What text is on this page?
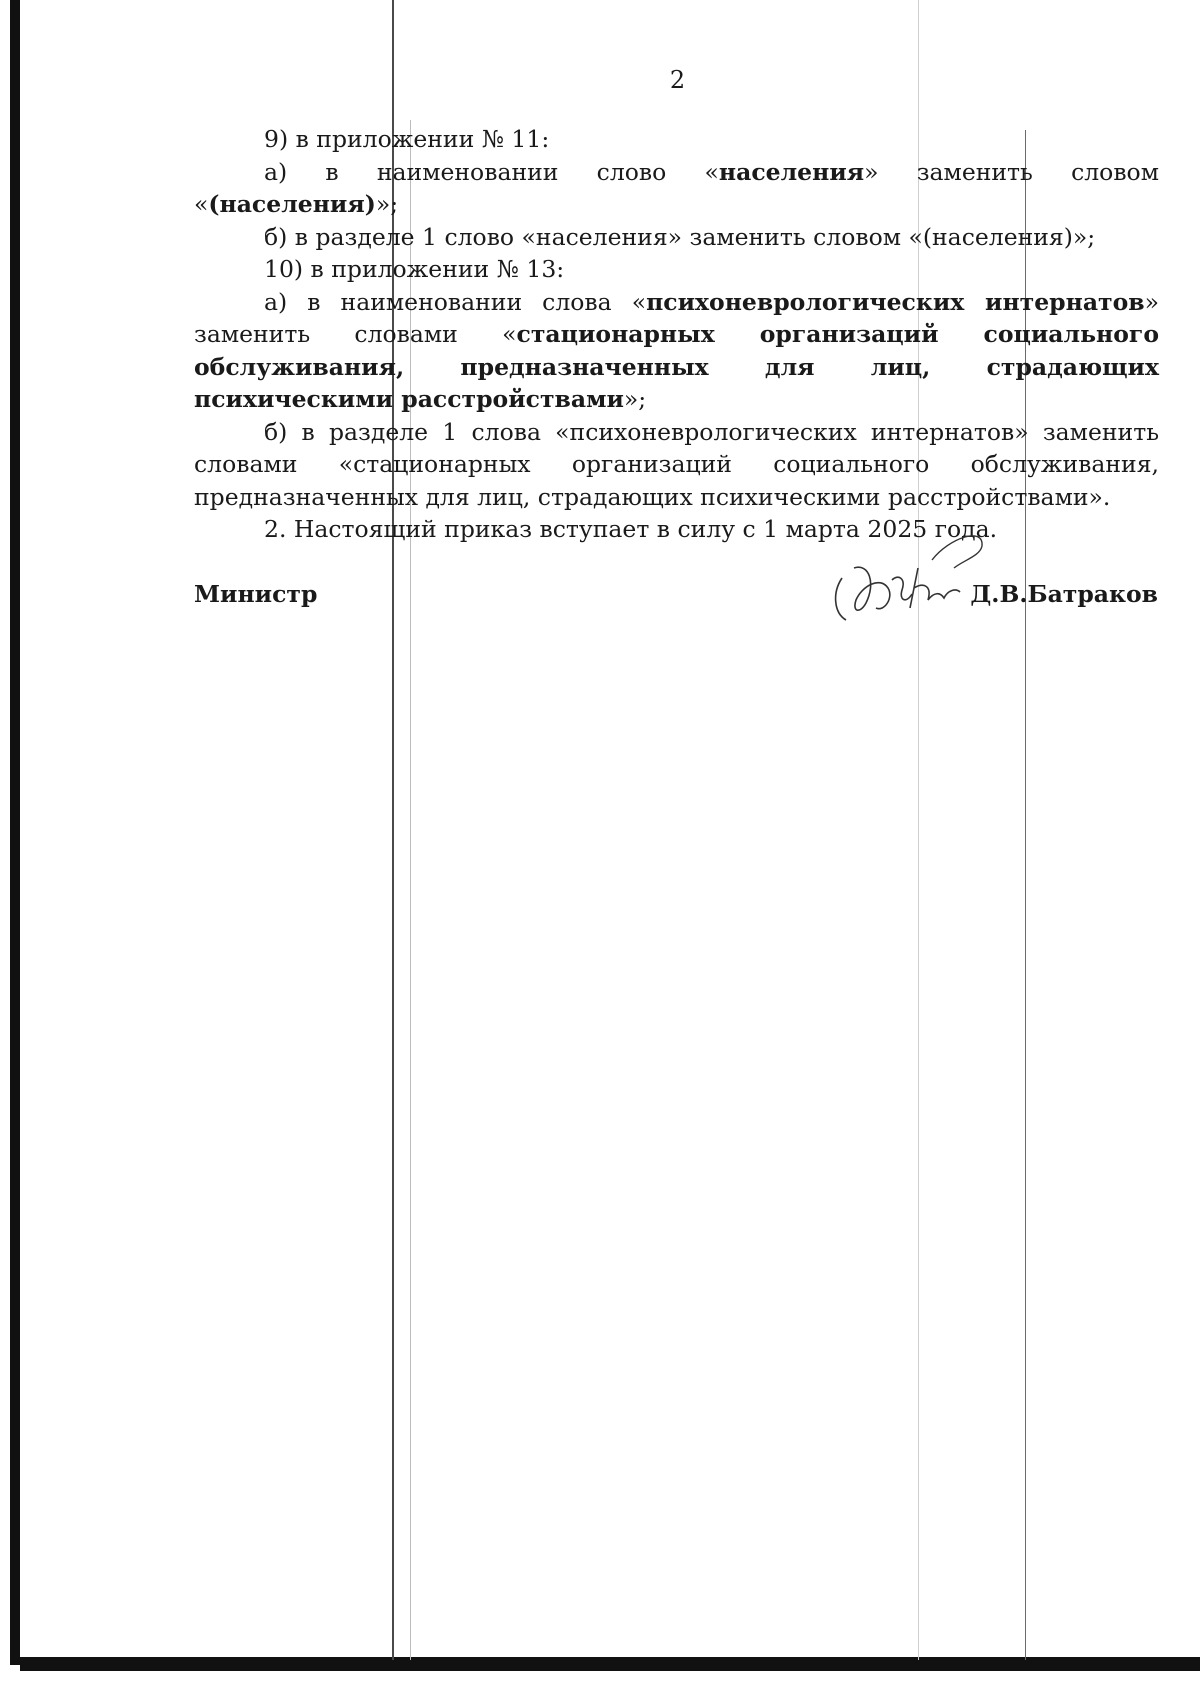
2

9) в приложении № 11:

а) в наименовании слово «населения» заменить словом «(населения)»;

б) в разделе 1 слово «населения» заменить словом «(населения)»;

10) в приложении № 13:

а) в наименовании слова «психоневрологических интернатов» заменить словами «стационарных организаций социального обслуживания, предназначенных для лиц, страдающих психическими расстройствами»;

б) в разделе 1 слова «психоневрологических интернатов» заменить словами «стационарных организаций социального обслуживания, предназначенных для лиц, страдающих психическими расстройствами».

2. Настоящий приказ вступает в силу с 1 марта 2025 года.

Министр	Д.В.Батраков
